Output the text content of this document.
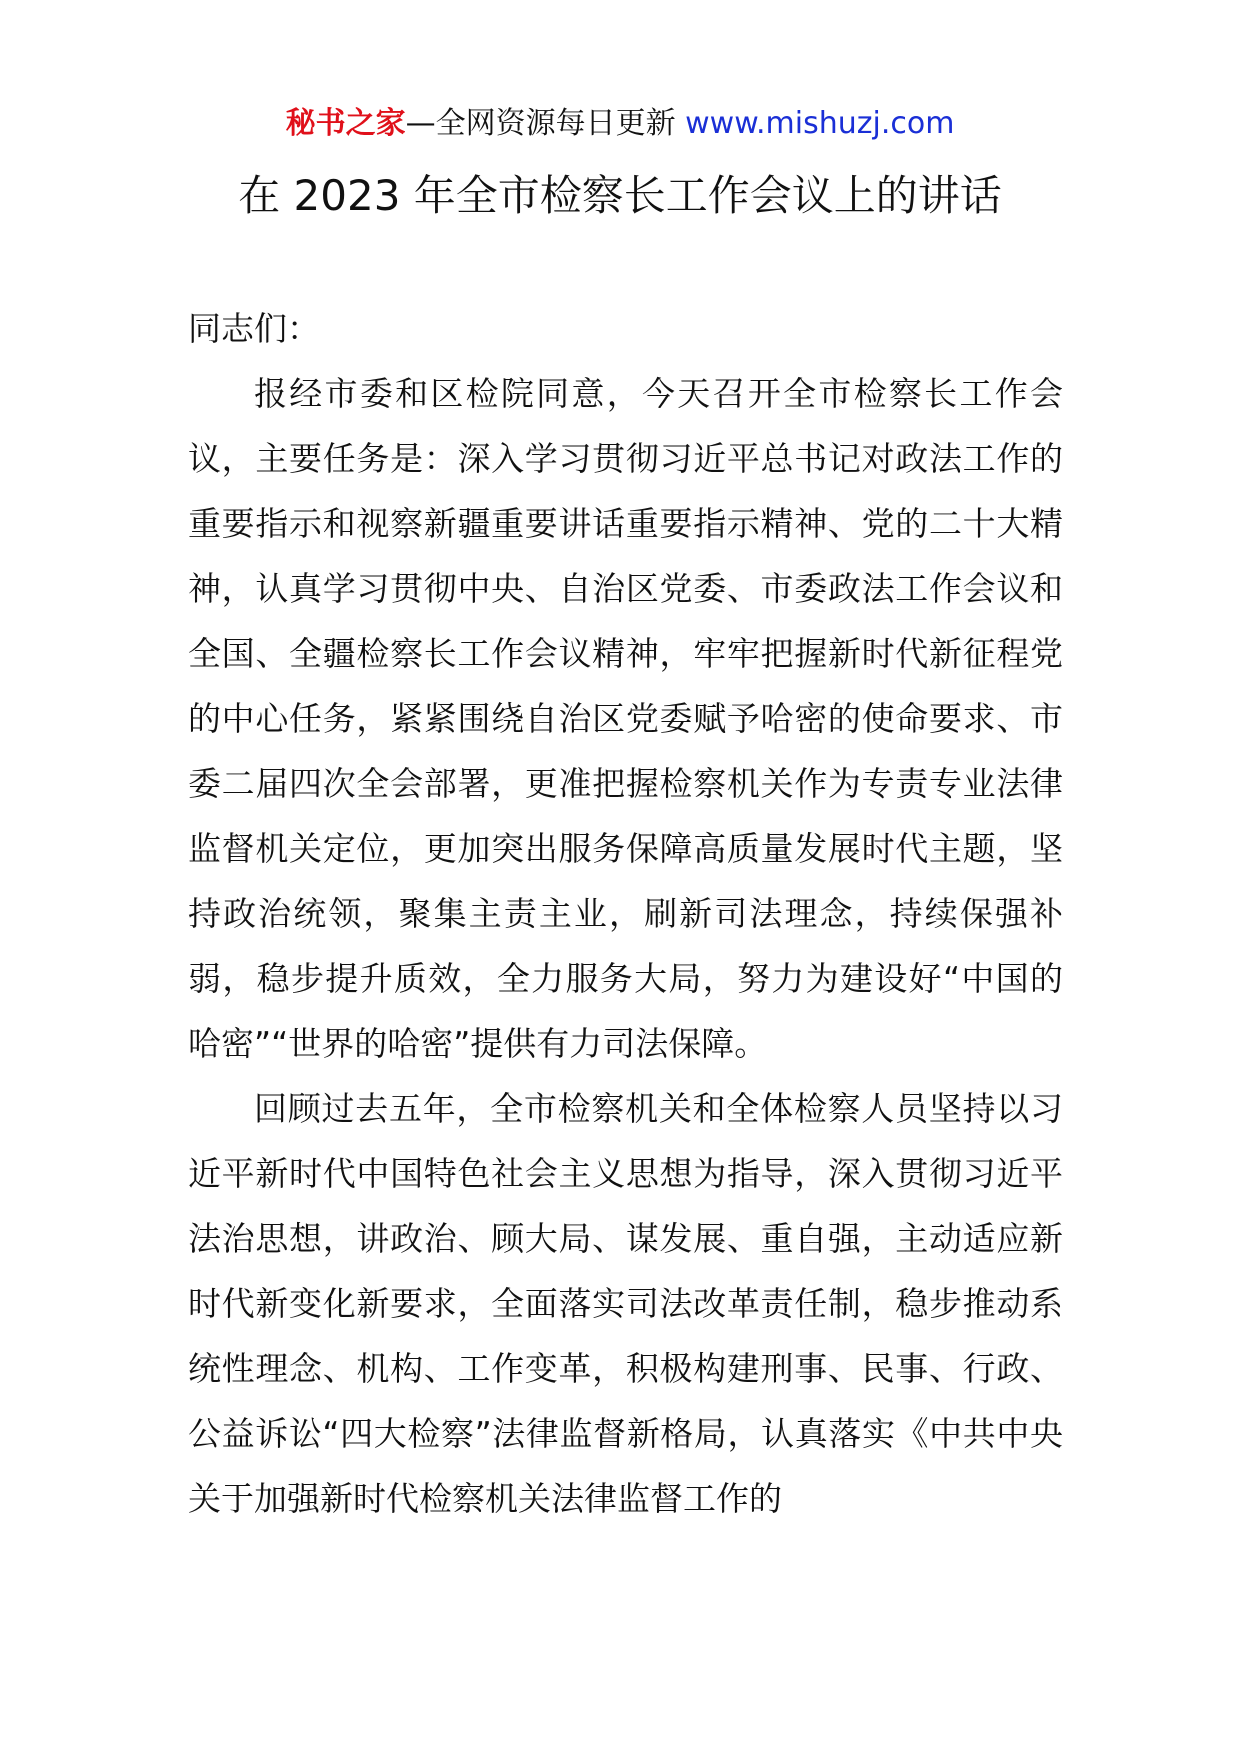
秘书之家—全网资源每日更新 www.mishuzj.com
在 2023 年全市检察长工作会议上的讲话

同志们：

报经市委和区检院同意，今天召开全市检察长工作会议，主要任务是：深入学习贯彻习近平总书记对政法工作的重要指示和视察新疆重要讲话重要指示精神、党的二十大精神，认真学习贯彻中央、自治区党委、市委政法工作会议和全国、全疆检察长工作会议精神，牢牢把握新时代新征程党的中心任务，紧紧围绕自治区党委赋予哈密的使命要求、市委二届四次全会部署，更准把握检察机关作为专责专业法律监督机关定位，更加突出服务保障高质量发展时代主题，坚持政治统领，聚集主责主业，刷新司法理念，持续保强补弱，稳步提升质效，全力服务大局，努力为建设好“中国的哈密”“世界的哈密”提供有力司法保障。

回顾过去五年，全市检察机关和全体检察人员坚持以习近平新时代中国特色社会主义思想为指导，深入贯彻习近平法治思想，讲政治、顾大局、谋发展、重自强，主动适应新时代新变化新要求，全面落实司法改革责任制，稳步推动系统性理念、机构、工作变革，积极构建刑事、民事、行政、公益诉讼“四大检察”法律监督新格局，认真落实《中共中央关于加强新时代检察机关法律监督工作的
